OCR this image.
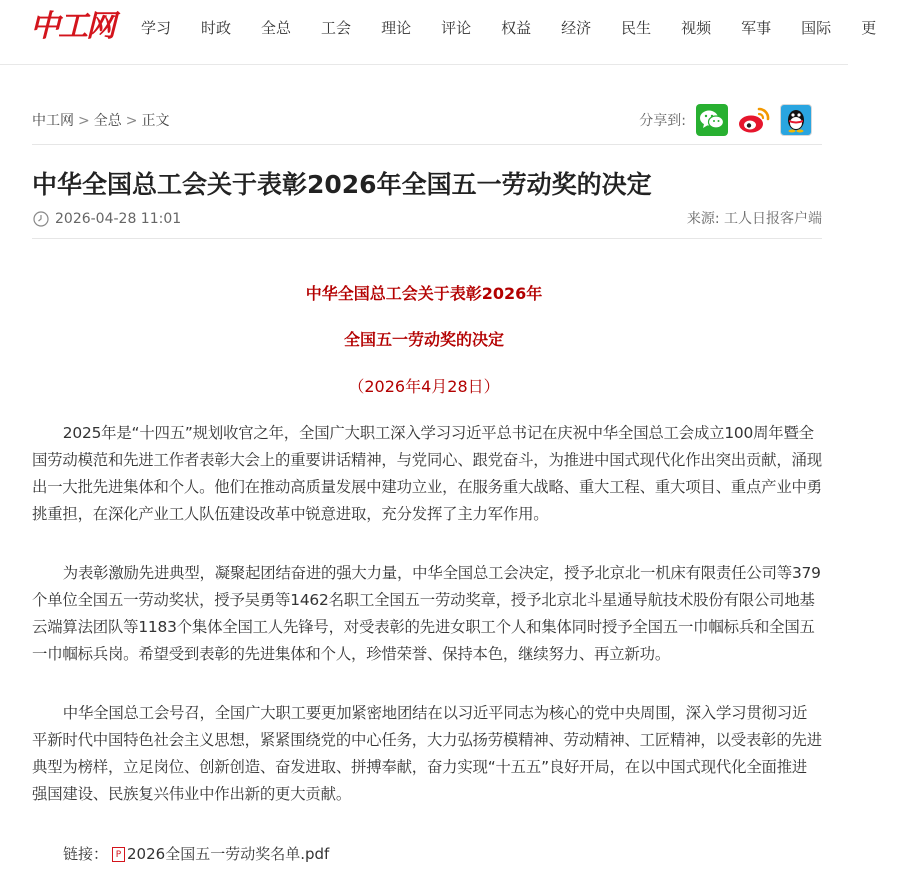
中工网 学习 时政 全总 工会 理论 评论 权益 经济 民生 视频 军事 国际 更
中工网 > 全总 > 正文	分享到:
中华全国总工会关于表彰2026年全国五一劳动奖的决定
2026-04-28 11:01	来源: 工人日报客户端
中华全国总工会关于表彰2026年
全国五一劳动奖的决定
（2026年4月28日）

2025年是“十四五”规划收官之年，全国广大职工深入学习习近平总书记在庆祝中华全国总工会成立100周年暨全国劳动模范和先进工作者表彰大会上的重要讲话精神，与党同心、跟党奋斗，为推进中国式现代化作出突出贡献，涌现出一大批先进集体和个人。他们在推动高质量发展中建功立业，在服务重大战略、重大工程、重大项目、重点产业中勇挑重担，在深化产业工人队伍建设改革中锐意进取，充分发挥了主力军作用。

为表彰激励先进典型，凝聚起团结奋进的强大力量，中华全国总工会决定，授予北京北一机床有限责任公司等379个单位全国五一劳动奖状，授予吴勇等1462名职工全国五一劳动奖章，授予北京北斗星通导航技术股份有限公司地基云端算法团队等1183个集体全国工人先锋号，对受表彰的先进女职工个人和集体同时授予全国五一巾帼标兵和全国五一巾帼标兵岗。希望受到表彰的先进集体和个人，珍惜荣誉、保持本色，继续努力、再立新功。

中华全国总工会号召，全国广大职工要更加紧密地团结在以习近平同志为核心的党中央周围，深入学习贯彻习近平新时代中国特色社会主义思想，紧紧围绕党的中心任务，大力弘扬劳模精神、劳动精神、工匠精神，以受表彰的先进典型为榜样，立足岗位、创新创造、奋发进取、拼搏奉献，奋力实现“十五五”良好开局，在以中国式现代化全面推进强国建设、民族复兴伟业中作出新的更大贡献。

链接： P 2026全国五一劳动奖名单.pdf
